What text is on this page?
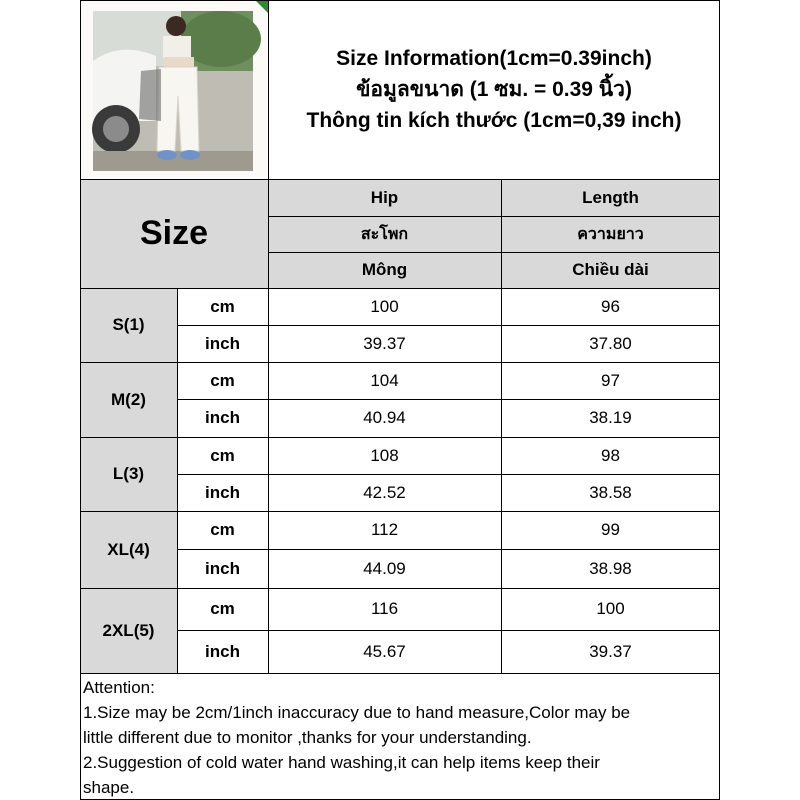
Size Information(1cm=0.39inch)
ข้อมูลขนาด (1 ซม. = 0.39 นิ้ว)
Thông tin kích thước (1cm=0,39 inch)
Size
Hip	Length
สะโพก	ความยาว
Mông	Chiều dài
S(1)
cm	100	96
inch	39.37	37.80
M(2)
cm	104	97
inch	40.94	38.19
L(3)
cm	108	98
inch	42.52	38.58
XL(4)
cm	112	99
inch	44.09	38.98
2XL(5)
cm	116	100
inch	45.67	39.37
Attention:
1.Size may be 2cm/1inch inaccuracy due to hand measure,Color may be
little different due to monitor ,thanks for your understanding.
2.Suggestion of cold water hand washing,it can help items keep their
shape.
